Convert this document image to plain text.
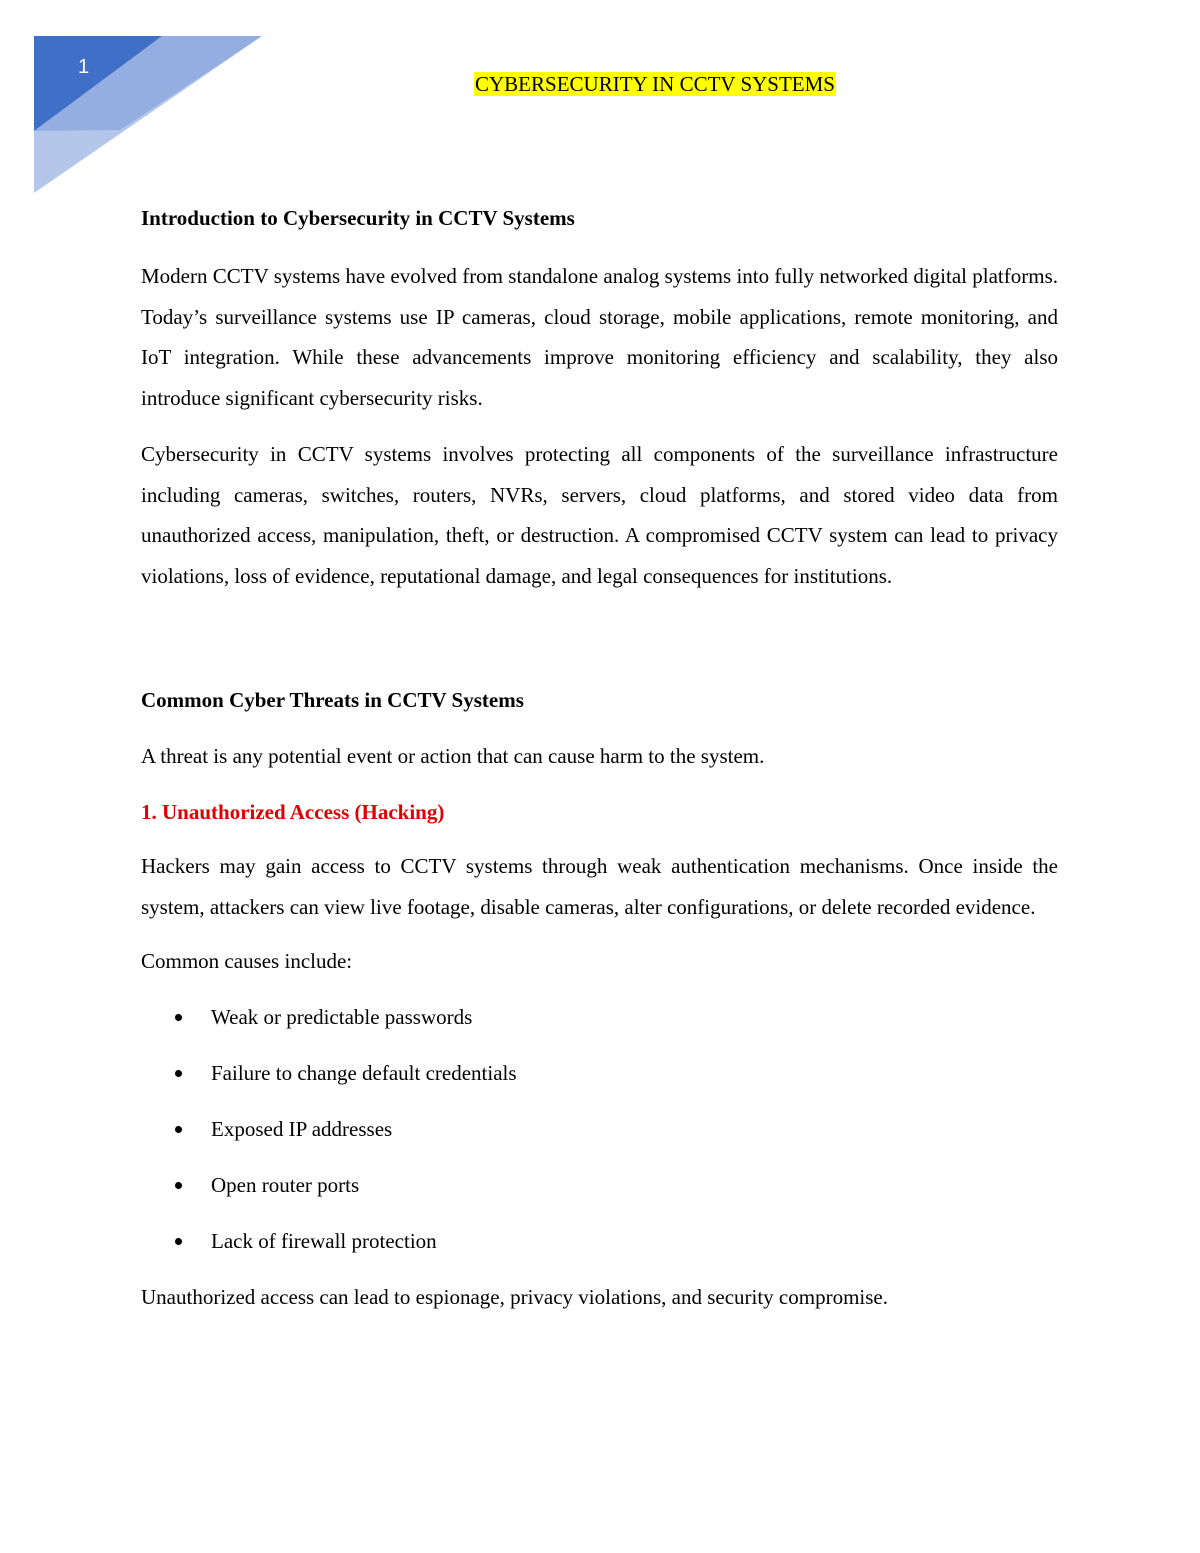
1
CYBERSECURITY IN CCTV SYSTEMS
Introduction to Cybersecurity in CCTV Systems

Modern CCTV systems have evolved from standalone analog systems into fully networked digital platforms. Today’s surveillance systems use IP cameras, cloud storage, mobile applications, remote monitoring, and IoT integration. While these advancements improve monitoring efficiency and scalability, they also introduce significant cybersecurity risks.

Cybersecurity in CCTV systems involves protecting all components of the surveillance infrastructure including cameras, switches, routers, NVRs, servers, cloud platforms, and stored video data from unauthorized access, manipulation, theft, or destruction. A compromised CCTV system can lead to privacy violations, loss of evidence, reputational damage, and legal consequences for institutions.

Common Cyber Threats in CCTV Systems

A threat is any potential event or action that can cause harm to the system.

1. Unauthorized Access (Hacking)

Hackers may gain access to CCTV systems through weak authentication mechanisms. Once inside the system, attackers can view live footage, disable cameras, alter configurations, or delete recorded evidence.

Common causes include:

Weak or predictable passwords
Failure to change default credentials
Exposed IP addresses
Open router ports
Lack of firewall protection

Unauthorized access can lead to espionage, privacy violations, and security compromise.
